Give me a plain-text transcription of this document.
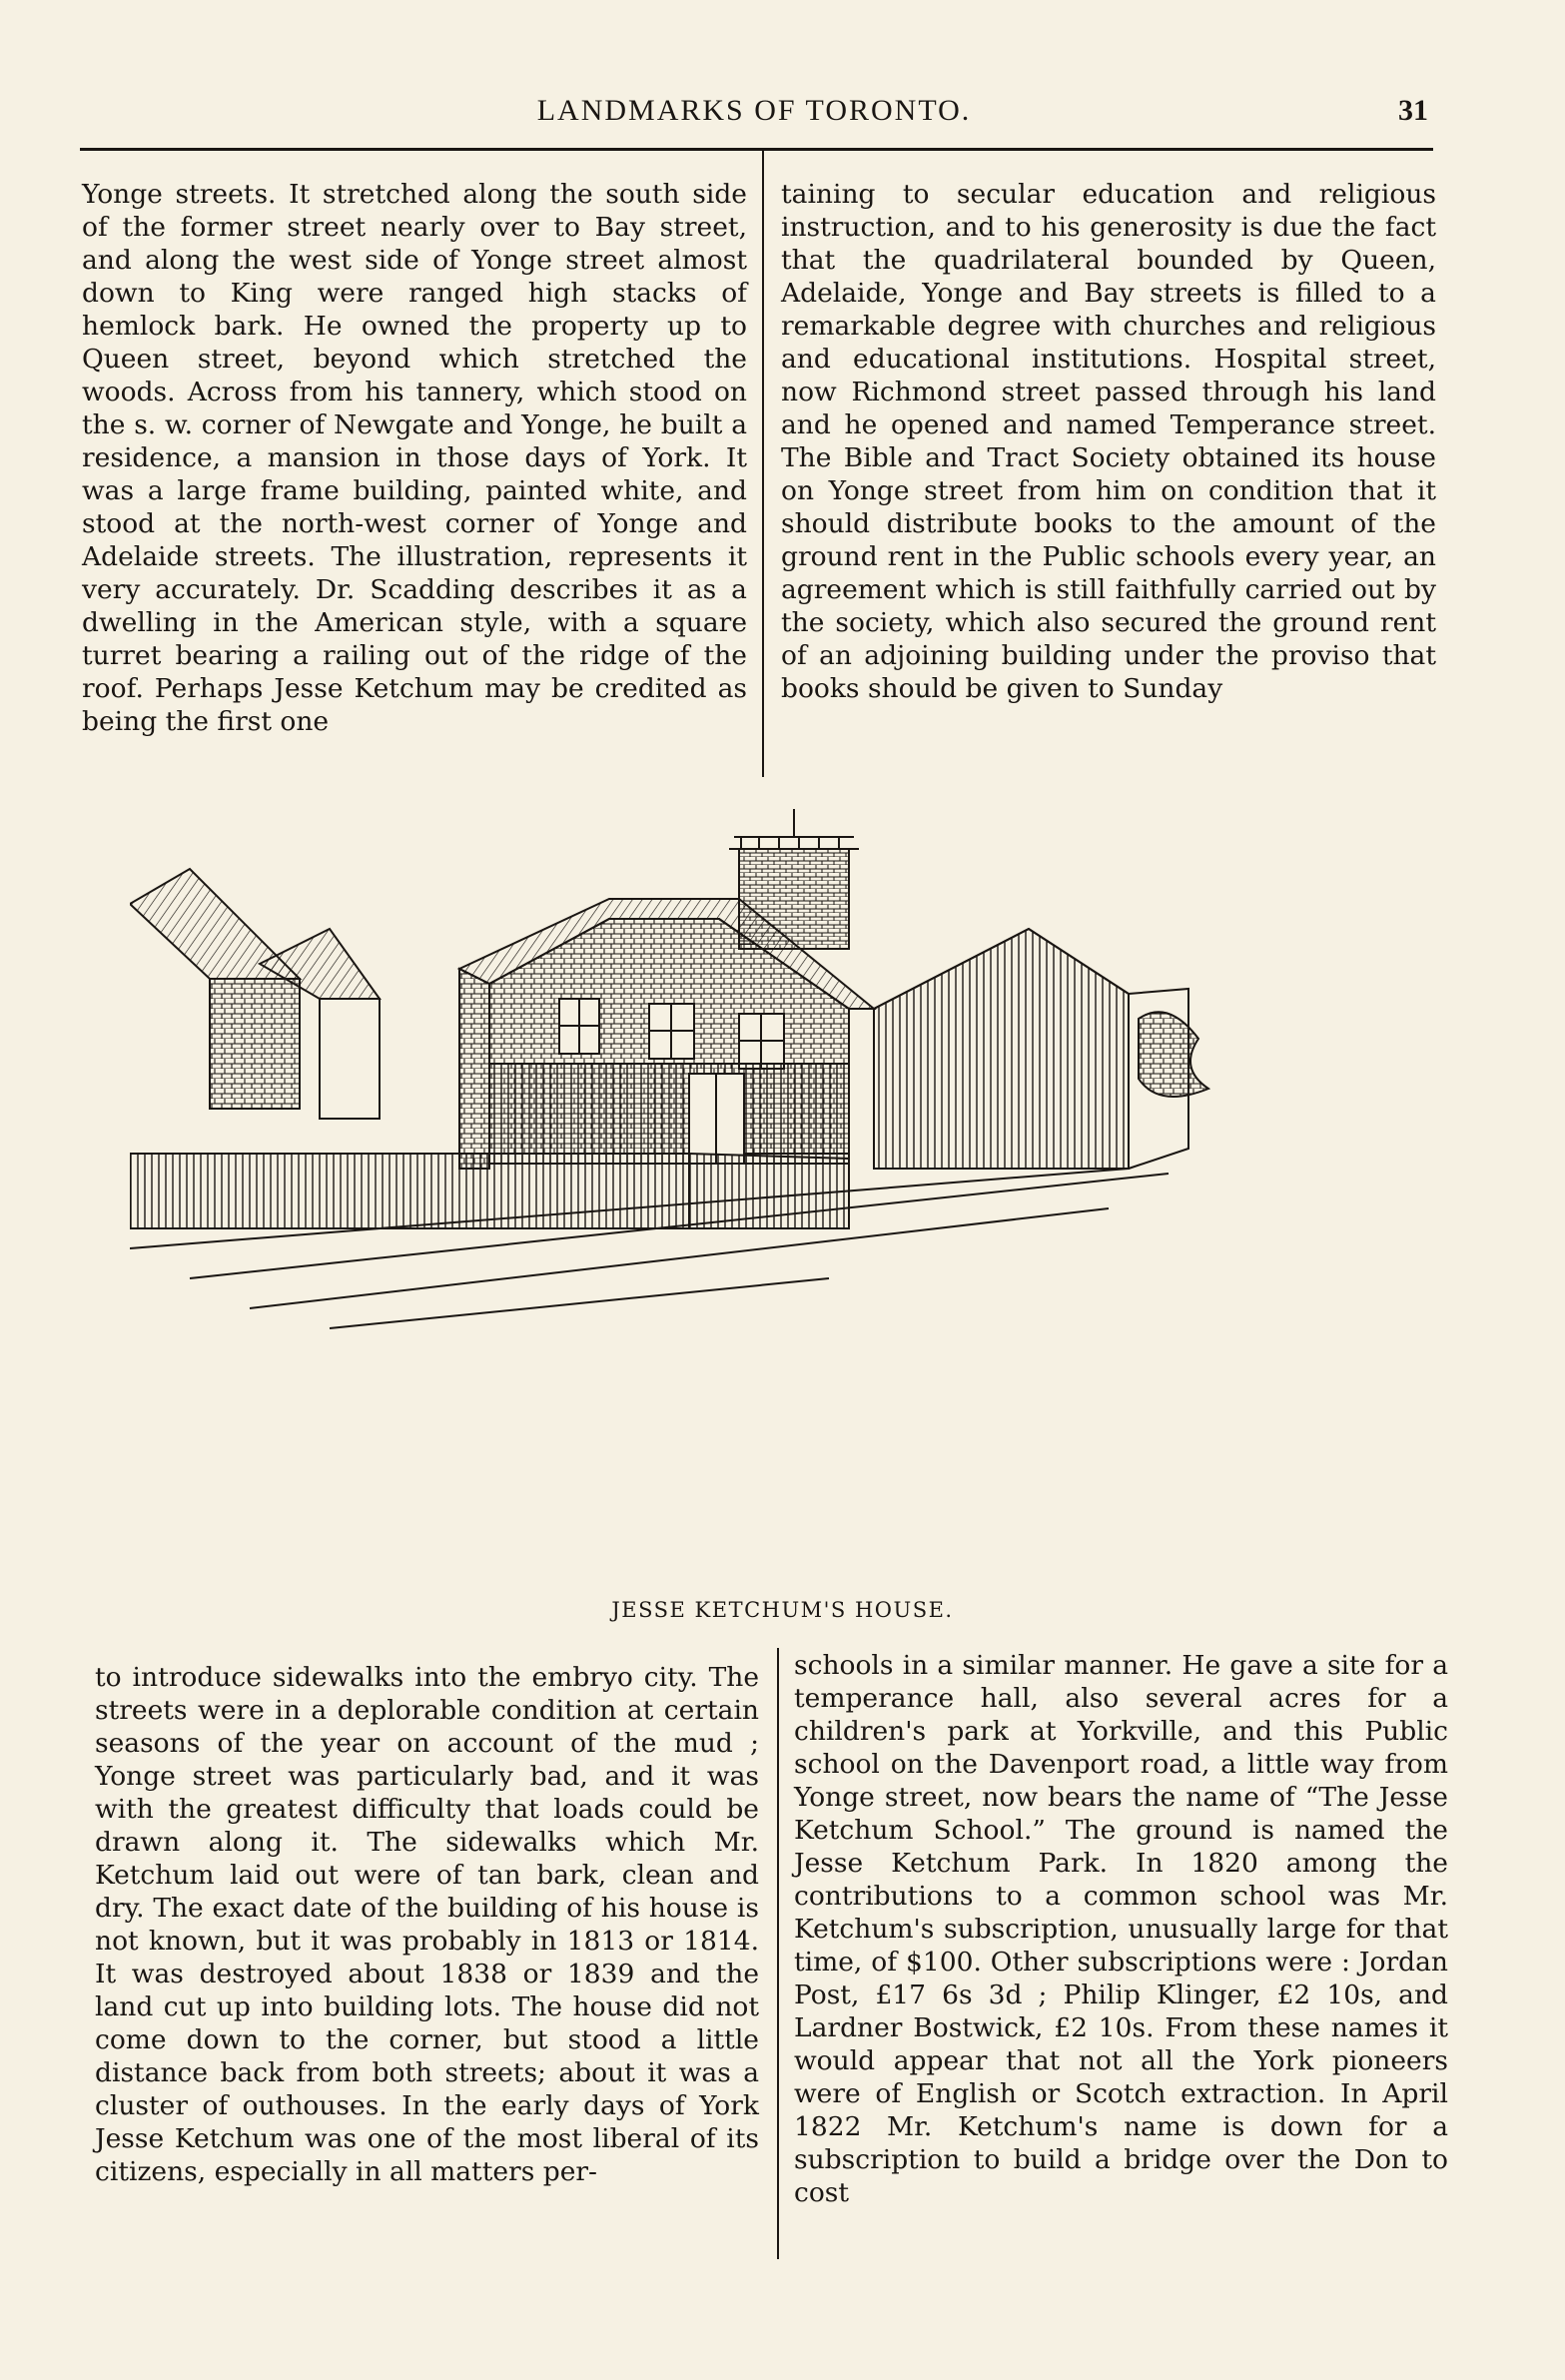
LANDMARKS OF TORONTO.	31

Yonge streets. It stretched along the south side of the former street nearly over to Bay street, and along the west side of Yonge street almost down to King were ranged high stacks of hemlock bark. He owned the property up to Queen street, beyond which stretched the woods. Across from his tannery, which stood on the s. w. corner of Newgate and Yonge, he built a residence, a mansion in those days of York. It was a large frame building, painted white, and stood at the north-west corner of Yonge and Adelaide streets. The illustration, represents it very accurately. Dr. Scadding describes it as a dwelling in the American style, with a square turret bearing a railing out of the ridge of the roof. Perhaps Jesse Ketchum may be credited as being the first one

taining to secular education and religious instruction, and to his generosity is due the fact that the quadrilateral bounded by Queen, Adelaide, Yonge and Bay streets is filled to a remarkable degree with churches and religious and educational institutions. Hospital street, now Richmond street passed through his land and he opened and named Temperance street. The Bible and Tract Society obtained its house on Yonge street from him on condition that it should distribute books to the amount of the ground rent in the Public schools every year, an agreement which is still faithfully carried out by the society, which also secured the ground rent of an adjoining building under the proviso that books should be given to Sunday

JESSE KETCHUM'S HOUSE.

to introduce sidewalks into the embryo city. The streets were in a deplorable condition at certain seasons of the year on account of the mud ; Yonge street was particularly bad, and it was with the greatest difficulty that loads could be drawn along it. The sidewalks which Mr. Ketchum laid out were of tan bark, clean and dry. The exact date of the building of his house is not known, but it was probably in 1813 or 1814. It was destroyed about 1838 or 1839 and the land cut up into building lots. The house did not come down to the corner, but stood a little distance back from both streets; about it was a cluster of outhouses. In the early days of York Jesse Ketchum was one of the most liberal of its citizens, especially in all matters per-

schools in a similar manner. He gave a site for a temperance hall, also several acres for a children's park at Yorkville, and this Public school on the Davenport road, a little way from Yonge street, now bears the name of “The Jesse Ketchum School.” The ground is named the Jesse Ketchum Park. In 1820 among the contributions to a common school was Mr. Ketchum's subscription, unusually large for that time, of $100. Other subscriptions were : Jordan Post, £17 6s 3d ; Philip Klinger, £2 10s, and Lardner Bostwick, £2 10s. From these names it would appear that not all the York pioneers were of English or Scotch extraction. In April 1822 Mr. Ketchum's name is down for a subscription to build a bridge over the Don to cost
